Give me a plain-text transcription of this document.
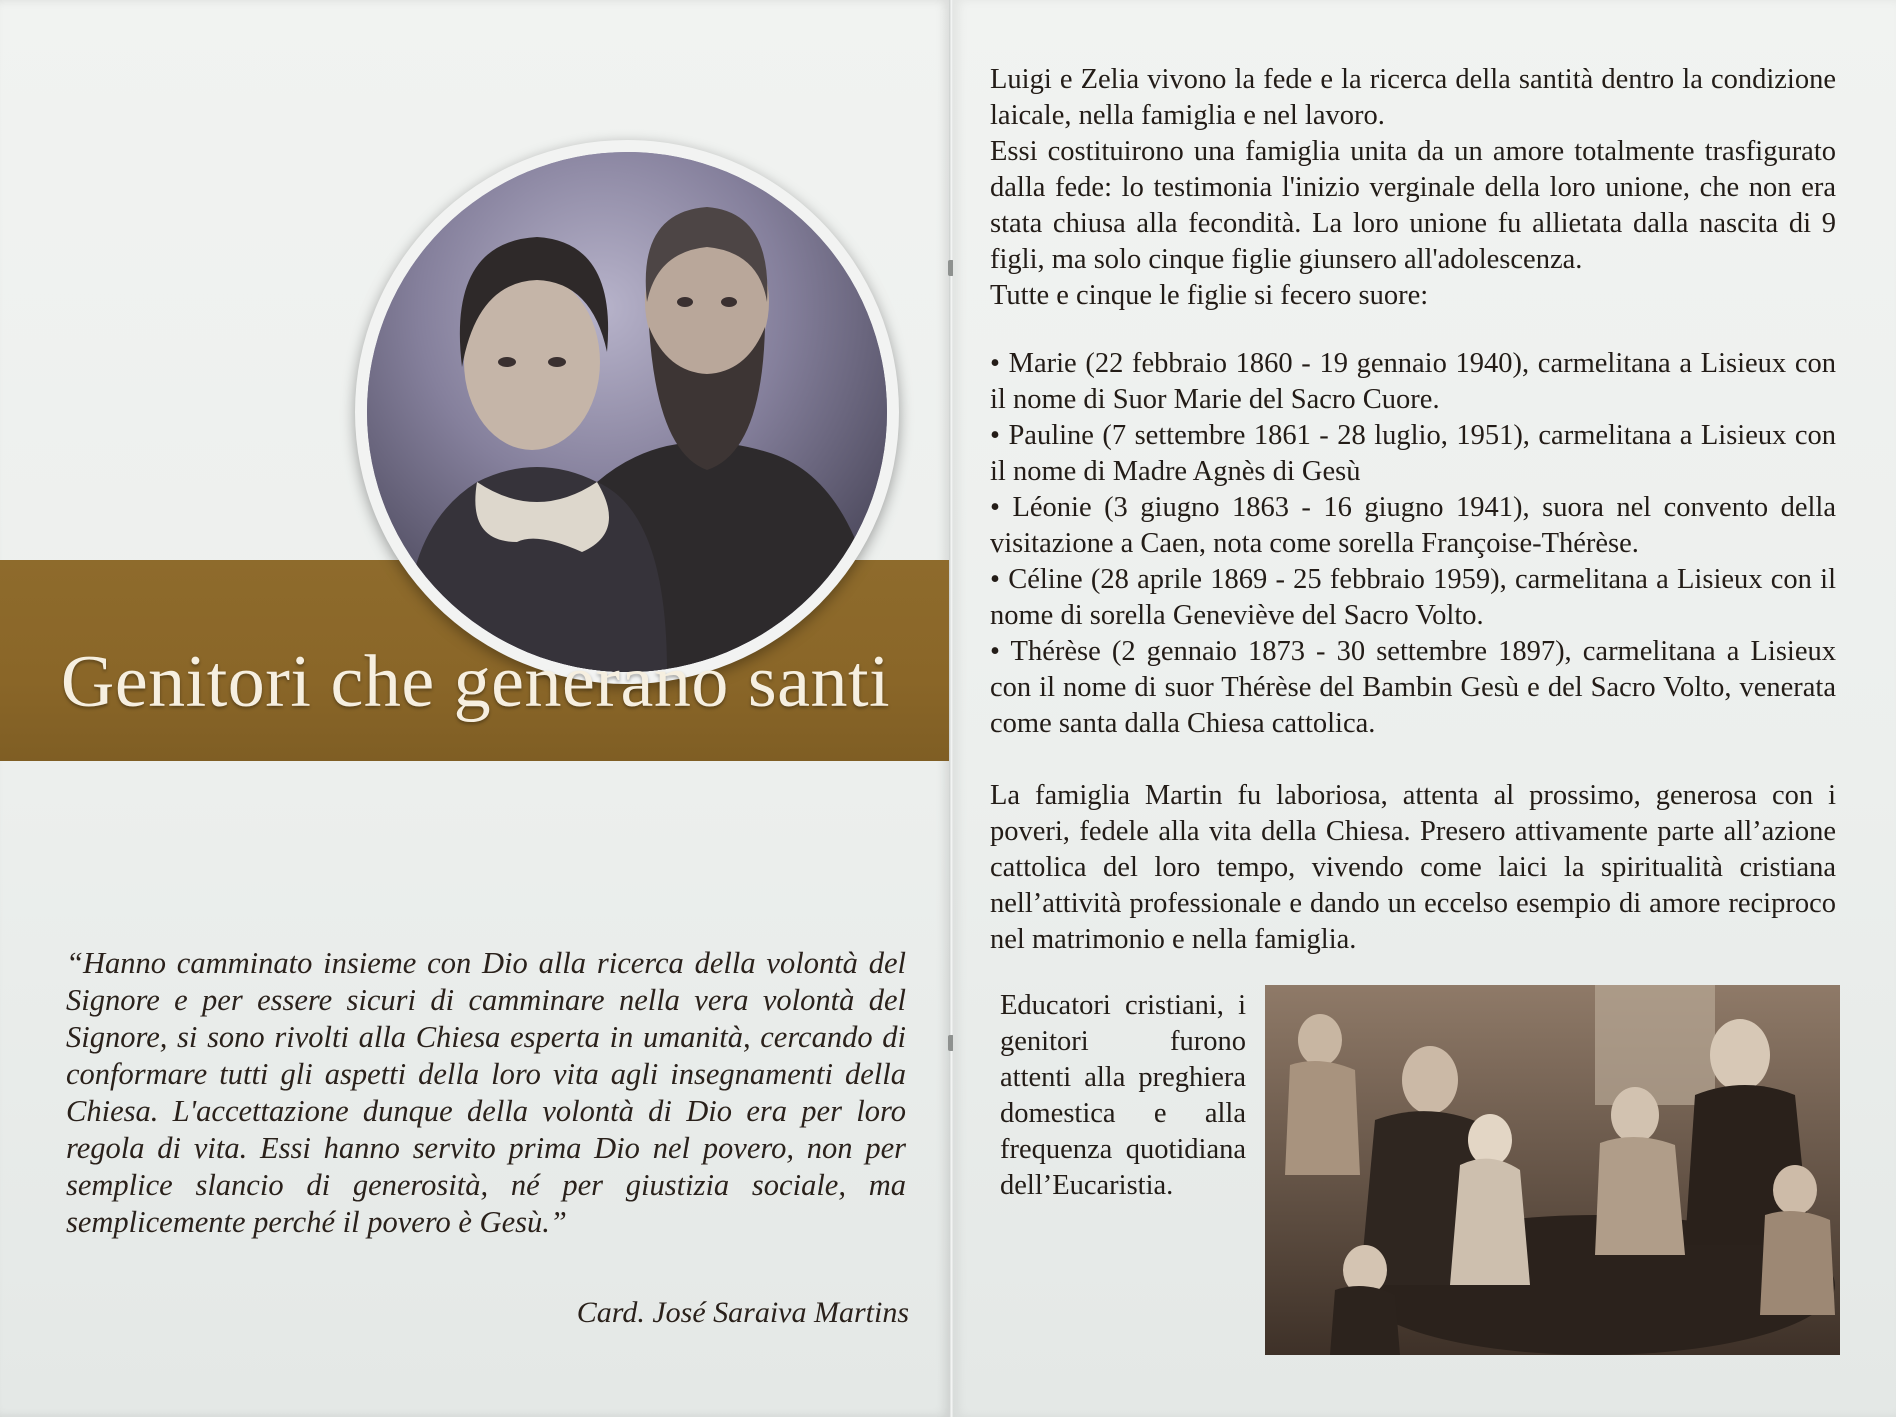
Genitori che generano santi
“Hanno camminato insieme con Dio alla ricerca della volontà del Signore e per essere sicuri di camminare nella vera volontà del Signore, si sono rivolti alla Chiesa esperta in umanità, cercando di conformare tutti gli aspetti della loro vita agli insegnamenti della Chiesa. L'accettazione dunque della volontà di Dio era per loro regola di vita. Essi hanno servito prima Dio nel povero, non per semplice slancio di generosità, né per giustizia sociale, ma semplicemente perché il povero è Gesù.”
Card. José Saraiva Martins

Luigi e Zelia vivono la fede e la ricerca della santità dentro la condizione laicale, nella famiglia e nel lavoro.

Essi costituirono una famiglia unita da un amore totalmente trasfigurato dalla fede: lo testimonia l'inizio verginale della loro unione, che non era stata chiusa alla fecondità. La loro unione fu allietata dalla nascita di 9 figli, ma solo cinque figlie giunsero all'adolescenza.

Tutte e cinque le figlie si fecero suore:

• Marie (22 febbraio 1860 - 19 gennaio 1940), carmelitana a Lisieux con il nome di Suor Marie del Sacro Cuore.

• Pauline (7 settembre 1861 - 28 luglio, 1951), carmelitana a Lisieux con il nome di Madre Agnès di Gesù

• Léonie (3 giugno 1863 - 16 giugno 1941), suora nel convento della visitazione a Caen, nota come sorella Françoise-Thérèse.

• Céline (28 aprile 1869 - 25 febbraio 1959), carmelitana a Lisieux con il nome di sorella Geneviève del Sacro Volto.

• Thérèse (2 gennaio 1873 - 30 settembre 1897), carmelitana a Lisieux con il nome di suor Thérèse del Bambin Gesù e del Sacro Volto, venerata come santa dalla Chiesa cattolica.

La famiglia Martin fu laboriosa, attenta al prossimo, generosa con i poveri, fedele alla vita della Chiesa. Presero attivamente parte all’azione cattolica del loro tempo, vivendo come laici la spiritualità cristiana nell’attività professionale e dando un eccelso esempio di amore reciproco nel matrimonio e nella famiglia.
Educatori cristiani, i genitori furono attenti alla preghiera domestica e alla frequenza quotidiana dell’Eucaristia.
